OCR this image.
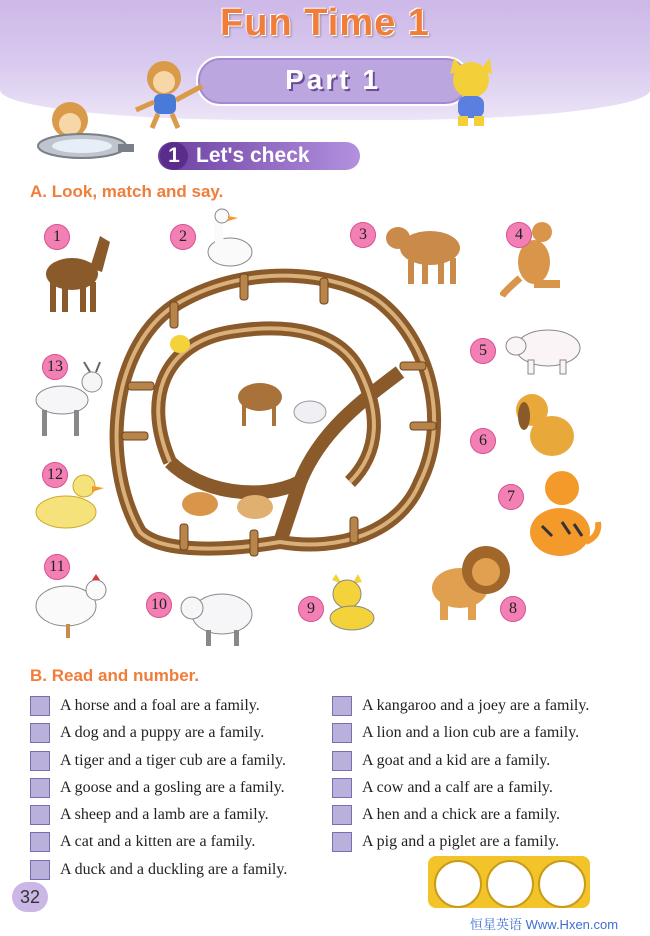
Fun Time 1
Part 1
1 Let's check
A. Look, match and say.
1	2	3	4
5
6
7
8
9
10
11
12
13
B. Read and number.
A horse and a foal are a family.
A dog and a puppy are a family.
A tiger and a tiger cub are a family.
A goose and a gosling are a family.
A sheep and a lamb are a family.
A cat and a kitten are a family.
A duck and a duckling are a family.
A kangaroo and a joey are a family.
A lion and a lion cub are a family.
A goat and a kid are a family.
A cow and a calf are a family.
A hen and a chick are a family.
A pig and a piglet are a family.
32
恒星英语 Www.Hxen.com
